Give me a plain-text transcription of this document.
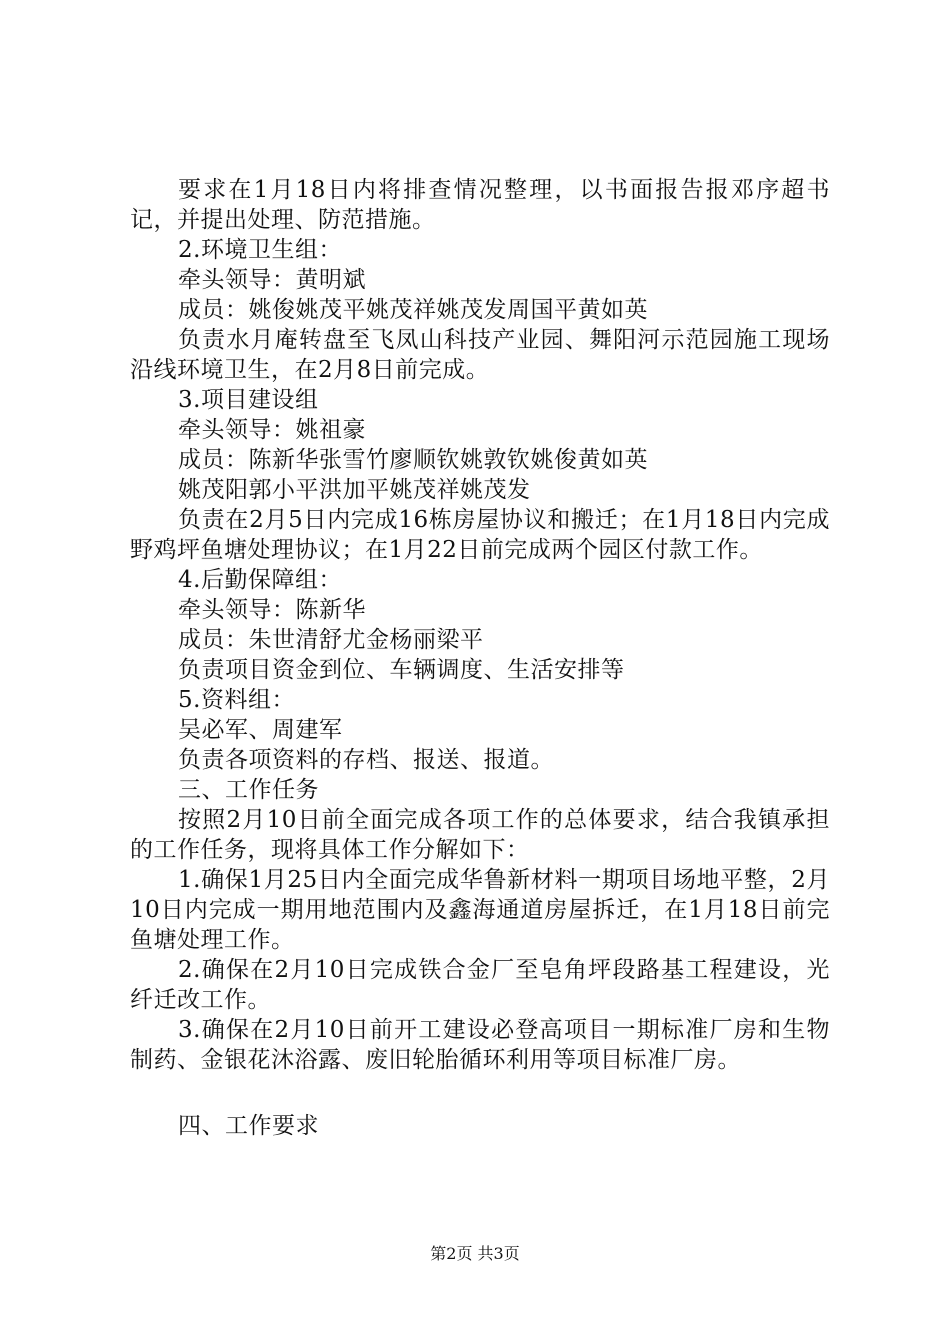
要求在1月18日内将排查情况整理，以书面报告报邓序超书记，并提出处理、防范措施。

2.环境卫生组：

牵头领导：黄明斌

成员：姚俊姚茂平姚茂祥姚茂发周国平黄如英

负责水月庵转盘至飞凤山科技产业园、舞阳河示范园施工现场沿线环境卫生，在2月8日前完成。

3.项目建设组

牵头领导：姚祖豪

成员：陈新华张雪竹廖顺钦姚敦钦姚俊黄如英

姚茂阳郭小平洪加平姚茂祥姚茂发

负责在2月5日内完成16栋房屋协议和搬迁；在1月18日内完成野鸡坪鱼塘处理协议；在1月22日前完成两个园区付款工作。

4.后勤保障组：

牵头领导：陈新华

成员：朱世清舒尤金杨丽梁平

负责项目资金到位、车辆调度、生活安排等

5.资料组：

吴必军、周建军

负责各项资料的存档、报送、报道。

三、工作任务

按照2月10日前全面完成各项工作的总体要求，结合我镇承担的工作任务，现将具体工作分解如下：

1.确保1月25日内全面完成华鲁新材料一期项目场地平整，2月10日内完成一期用地范围内及鑫海通道房屋拆迁，在1月18日前完鱼塘处理工作。

2.确保在2月10日完成铁合金厂至皂角坪段路基工程建设，光纤迁改工作。

3.确保在2月10日前开工建设必登高项目一期标准厂房和生物制药、金银花沐浴露、废旧轮胎循环利用等项目标准厂房。

四、工作要求

第2页 共3页
